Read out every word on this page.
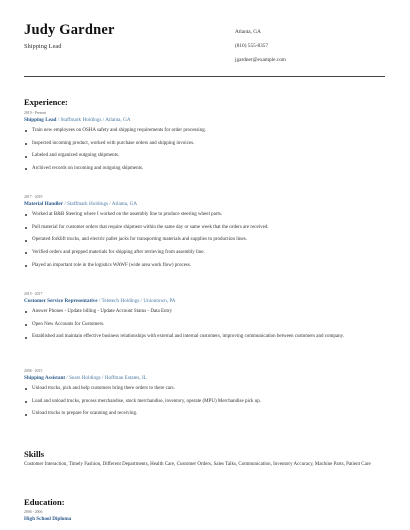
Judy Gardner
Shipping Lead
Atlanta, GA
(810) 555-8357
jgardner@example.com
Experience:
2019 - Present
Shipping Lead / Staffmark Holdings / Atlanta, GA
Train new employees on OSHA safety and shipping requirements for order processing.
Inspected incoming product, worked with purchase orders and shipping invoices.
Labeled and organized outgoing shipments.
Archived records on incoming and outgoing shipments.
2017 - 2019
Material Handler / Staffmark Holdings / Atlanta, GA
Worked at B&B Steering where I worked on the assembly line to produce steering wheel parts.
Pull material for customer orders that require shipment within the same day or same week that the orders are received.
Operated forklift trucks, and electric pallet jacks for transporting materials and supplies to production lines.
Verified orders and prepped materials for shipping after retrieving from assembly line.
Played an important role in the logistics WAWF (wide area work flow) process.
2015 - 2017
Customer Service Representative / Teletech Holdings / Uniontown, PA
Answer Phones - Update billing - Update Account Status - Data Entry
Open New Accounts for Customers.
Established and maintain effective business relationships with external and internal customers, improving communication between customers and company.
2006 - 2015
Shipping Assistant / Sears Holdings / Hoffman Estates, IL
Unload trucks, pick and help customers bring there orders to there cars.
Load and unload trucks, process merchandise, stock merchandise, inventory, operate (MPU) Merchandise pick up.
Unload trucks to prepare for scanning and receiving.
Skills
Customer Interaction, Timely Fashion, Different Departments, Health Care, Customer Orders, Sales Talks, Communication, Inventory Accuracy, Machine Parts, Patient Care
Education:
2006 - 2006
High School Diploma
